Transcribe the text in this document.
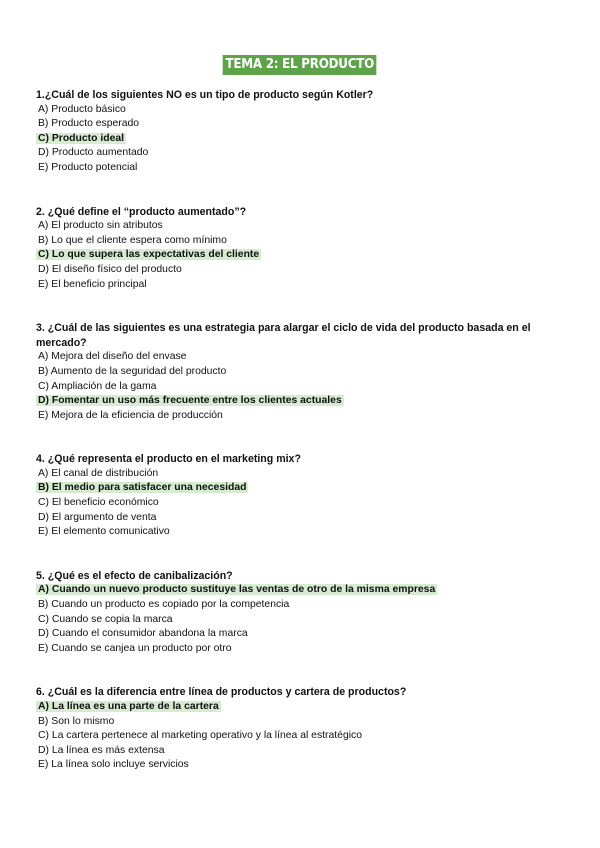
TEMA 2: EL PRODUCTO

1.¿Cuál de los siguientes NO es un tipo de producto según Kotler?

A) Producto básico

B) Producto esperado

C) Producto ideal

D) Producto aumentado

E) Producto potencial

2. ¿Qué define el “producto aumentado”?

A) El producto sin atributos

B) Lo que el cliente espera como mínimo

C) Lo que supera las expectativas del cliente

D) El diseño físico del producto

E) El beneficio principal

3. ¿Cuál de las siguientes es una estrategia para alargar el ciclo de vida del producto basada en el mercado?

A) Mejora del diseño del envase

B) Aumento de la seguridad del producto

C) Ampliación de la gama

D) Fomentar un uso más frecuente entre los clientes actuales

E) Mejora de la eficiencia de producción

4. ¿Qué representa el producto en el marketing mix?

A) El canal de distribución

B) El medio para satisfacer una necesidad

C) El beneficio económico

D) El argumento de venta

E) El elemento comunicativo

5. ¿Qué es el efecto de canibalización?

A) Cuando un nuevo producto sustituye las ventas de otro de la misma empresa

B) Cuando un producto es copiado por la competencia

C) Cuando se copia la marca

D) Cuando el consumidor abandona la marca

E) Cuando se canjea un producto por otro

6. ¿Cuál es la diferencia entre línea de productos y cartera de productos?

A) La línea es una parte de la cartera

B) Son lo mismo

C) La cartera pertenece al marketing operativo y la línea al estratégico

D) La línea es más extensa

E) La línea solo incluye servicios
